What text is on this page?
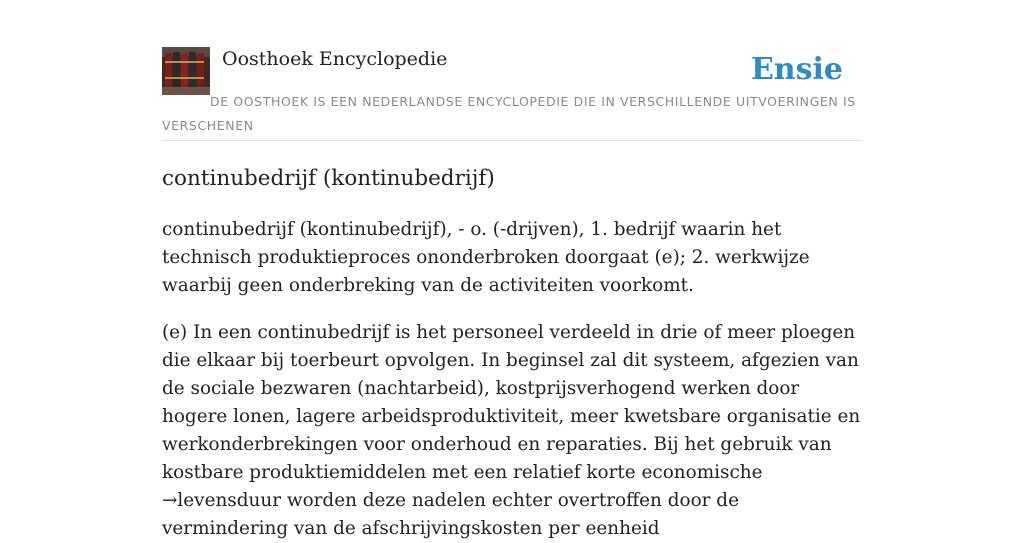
Oosthoek Encyclopedie	Ensie
DE OOSTHOEK IS EEN NEDERLANDSE ENCYCLOPEDIE DIE IN VERSCHILLENDE UITVOERINGEN IS VERSCHENEN
continubedrijf (kontinubedrijf)

continubedrijf (kontinubedrijf), - o. (-drijven), 1. bedrijf waarin het technisch produktieproces ononderbroken doorgaat (e); 2. werkwijze waarbij geen onderbreking van de activiteiten voorkomt.

(e) In een continubedrijf is het personeel verdeeld in drie of meer ploegen die elkaar bij toerbeurt opvolgen. In beginsel zal dit systeem, afgezien van de sociale bezwaren (nachtarbeid), kostprijsverhogend werken door hogere lonen, lagere arbeidsproduktiviteit, meer kwetsbare organisatie en werkonderbrekingen voor onderhoud en reparaties. Bij het gebruik van kostbare produktiemiddelen met een relatief korte economische →levensduur worden deze nadelen echter overtroffen door de vermindering van de afschrijvingskosten per eenheid
